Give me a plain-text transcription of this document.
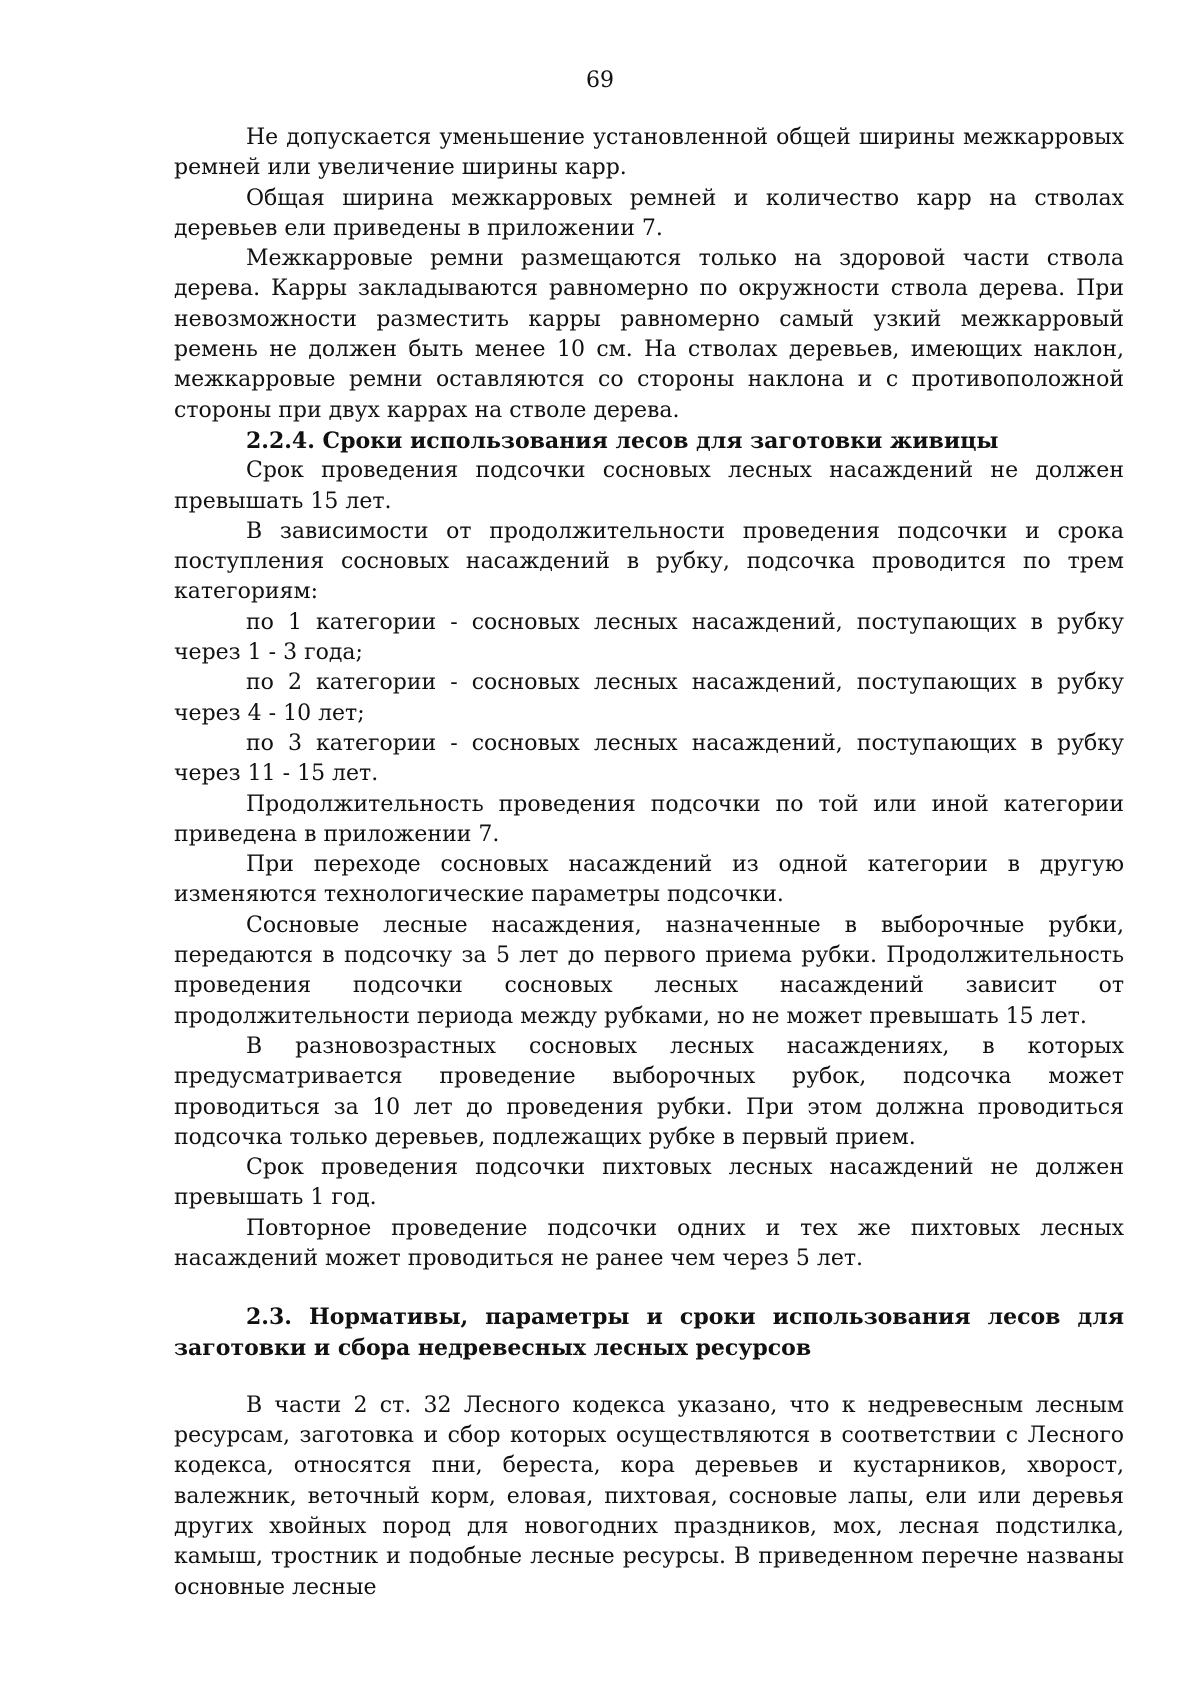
69

Не допускается уменьшение установленной общей ширины межкарровых ремней или увеличение ширины карр.

Общая ширина межкарровых ремней и количество карр на стволах деревьев ели приведены в приложении 7.

Межкарровые ремни размещаются только на здоровой части ствола дерева. Карры закладываются равномерно по окружности ствола дерева. При невозможности разместить карры равномерно самый узкий межкарровый ремень не должен быть менее 10 см. На стволах деревьев, имеющих наклон, межкарровые ремни оставляются со стороны наклона и с противоположной стороны при двух каррах на стволе дерева.

2.2.4. Сроки использования лесов для заготовки живицы

Срок проведения подсочки сосновых лесных насаждений не должен превышать 15 лет.

В зависимости от продолжительности проведения подсочки и срока поступления сосновых насаждений в рубку, подсочка проводится по трем категориям:

по 1 категории - сосновых лесных насаждений, поступающих в рубку через 1 - 3 года;

по 2 категории - сосновых лесных насаждений, поступающих в рубку через 4 - 10 лет;

по 3 категории - сосновых лесных насаждений, поступающих в рубку через 11 - 15 лет.

Продолжительность проведения подсочки по той или иной категории приведена в приложении 7.

При переходе сосновых насаждений из одной категории в другую изменяются технологические параметры подсочки.

Сосновые лесные насаждения, назначенные в выборочные рубки, передаются в подсочку за 5 лет до первого приема рубки. Продолжительность проведения подсочки сосновых лесных насаждений зависит от продолжительности периода между рубками, но не может превышать 15 лет.

В разновозрастных сосновых лесных насаждениях, в которых предусматривается проведение выборочных рубок, подсочка может проводиться за 10 лет до проведения рубки. При этом должна проводиться подсочка только деревьев, подлежащих рубке в первый прием.

Срок проведения подсочки пихтовых лесных насаждений не должен превышать 1 год.

Повторное проведение подсочки одних и тех же пихтовых лесных насаждений может проводиться не ранее чем через 5 лет.

2.3. Нормативы, параметры и сроки использования лесов для заготовки и сбора недревесных лесных ресурсов

В части 2 ст. 32 Лесного кодекса указано, что к недревесным лесным ресурсам, заготовка и сбор которых осуществляются в соответствии с Лесного кодекса, относятся пни, береста, кора деревьев и кустарников, хворост, валежник, веточный корм, еловая, пихтовая, сосновые лапы, ели или деревья других хвойных пород для новогодних праздников, мох, лесная подстилка, камыш, тростник и подобные лесные ресурсы. В приведенном перечне названы основные лесные
